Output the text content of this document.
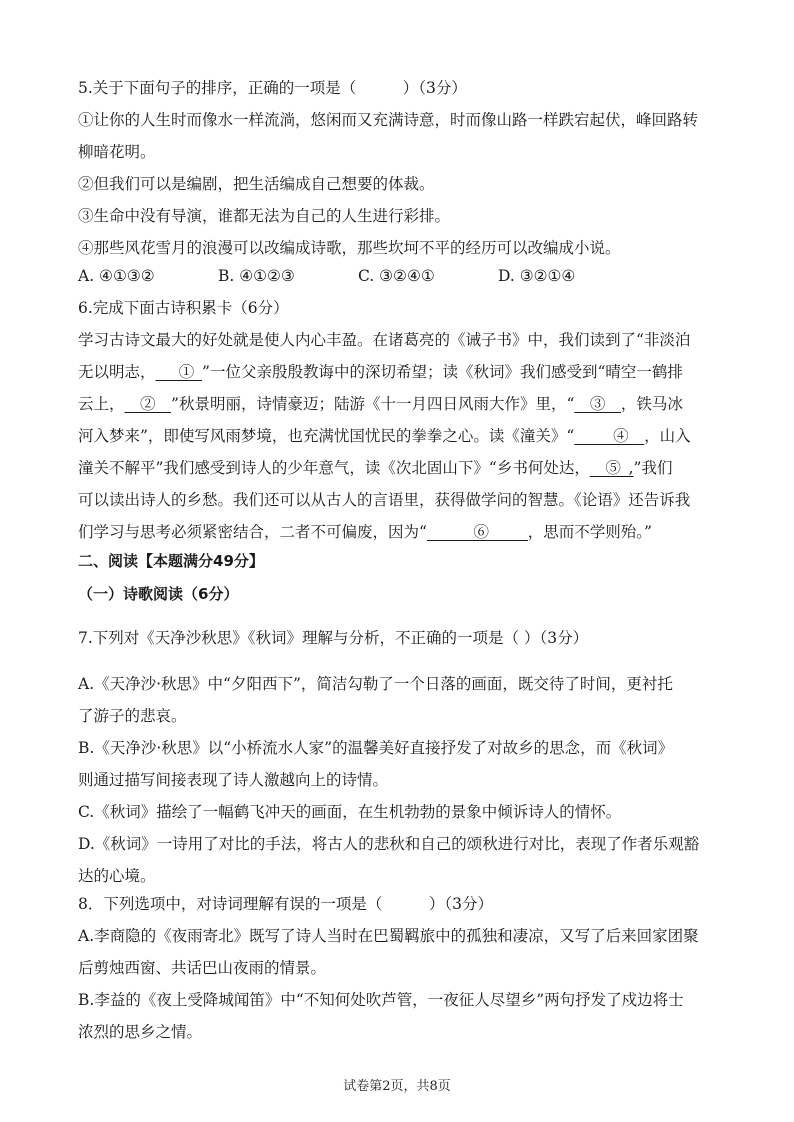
5.关于下面句子的排序，正确的一项是（　　　）（3分）
①让你的人生时而像水一样流淌，悠闲而又充满诗意，时而像山路一样跌宕起伏，峰回路转
柳暗花明。
②但我们可以是编剧，把生活编成自己想要的体裁。
③生命中没有导演，谁都无法为自己的人生进行彩排。
④那些风花雪月的浪漫可以改编成诗歌，那些坎坷不平的经历可以改编成小说。
A. ④①③②	B. ④①②③	C. ③②④①	D. ③②①④
6.完成下面古诗积累卡（6分）
学习古诗文最大的好处就是使人内心丰盈。在诸葛亮的《诫子书》中，我们读到了“非淡泊
无以明志，___①_”一位父亲殷殷教诲中的深切希望；读《秋词》我们感受到“晴空一鹤排
云上，__②__”秋景明丽，诗情豪迈；陆游《十一月四日风雨大作》里，“__③__，铁马冰
河入梦来”，即使写风雨梦境，也充满忧国忧民的拳拳之心。读《潼关》“_____④__，山入
潼关不解平”我们感受到诗人的少年意气，读《次北固山下》“乡书何处达，__⑤_,”我们
可以读出诗人的乡愁。我们还可以从古人的言语里，获得做学问的智慧。《论语》还告诉我
们学习与思考必须紧密结合，二者不可偏废，因为“______⑥_____，思而不学则殆。”
二、阅读【本题满分49分】
（一）诗歌阅读（6分）
7.下列对《天净沙秋思》《秋词》理解与分析，不正确的一项是（ ）（3分）
A.《天净沙·秋思》中“夕阳西下”，简洁勾勒了一个日落的画面，既交待了时间，更衬托
了游子的悲哀。
B.《天净沙·秋思》以“小桥流水人家”的温馨美好直接抒发了对故乡的思念，而《秋词》
则通过描写间接表现了诗人激越向上的诗情。
C.《秋词》描绘了一幅鹤飞冲天的画面，在生机勃勃的景象中倾诉诗人的情怀。
D.《秋词》一诗用了对比的手法，将古人的悲秋和自己的颂秋进行对比，表现了作者乐观豁
达的心境。
8．下列选项中，对诗词理解有误的一项是（　　　）（3分）
A.李商隐的《夜雨寄北》既写了诗人当时在巴蜀羁旅中的孤独和凄凉，又写了后来回家团聚
后剪烛西窗、共话巴山夜雨的情景。
B.李益的《夜上受降城闻笛》中“不知何处吹芦管，一夜征人尽望乡”两句抒发了戍边将士
浓烈的思乡之情。
试卷第2页，共8页
